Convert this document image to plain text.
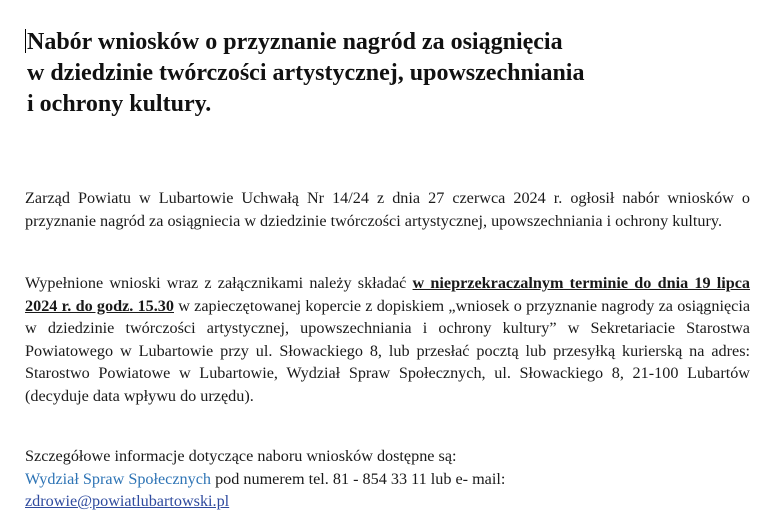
Nabór wniosków o przyznanie nagród za osiągnięcia
w dziedzinie twórczości artystycznej, upowszechniania
i ochrony kultury.

Zarząd Powiatu w Lubartowie Uchwałą Nr 14/24 z dnia 27 czerwca 2024 r. ogłosił nabór wniosków o przyznanie nagród za osiągniecia w dziedzinie twórczości artystycznej, upowszechniania i ochrony kultury.

Wypełnione wnioski wraz z załącznikami należy składać w nieprzekraczalnym terminie do dnia 19 lipca 2024 r. do godz. 15.30 w zapieczętowanej kopercie z dopiskiem „wniosek o przyznanie nagrody za osiągnięcia w dziedzinie twórczości artystycznej, upowszechniania i ochrony kultury” w Sekretariacie Starostwa Powiatowego w Lubartowie przy ul. Słowackiego 8, lub przesłać pocztą lub przesyłką kurierską na adres: Starostwo Powiatowe w Lubartowie, Wydział Spraw Społecznych, ul. Słowackiego 8, 21-100 Lubartów (decyduje data wpływu do urzędu).

Szczegółowe informacje dotyczące naboru wniosków dostępne są:
Wydział Spraw Społecznych pod numerem tel. 81 - 854 33 11 lub e- mail:
zdrowie@powiatlubartowski.pl
